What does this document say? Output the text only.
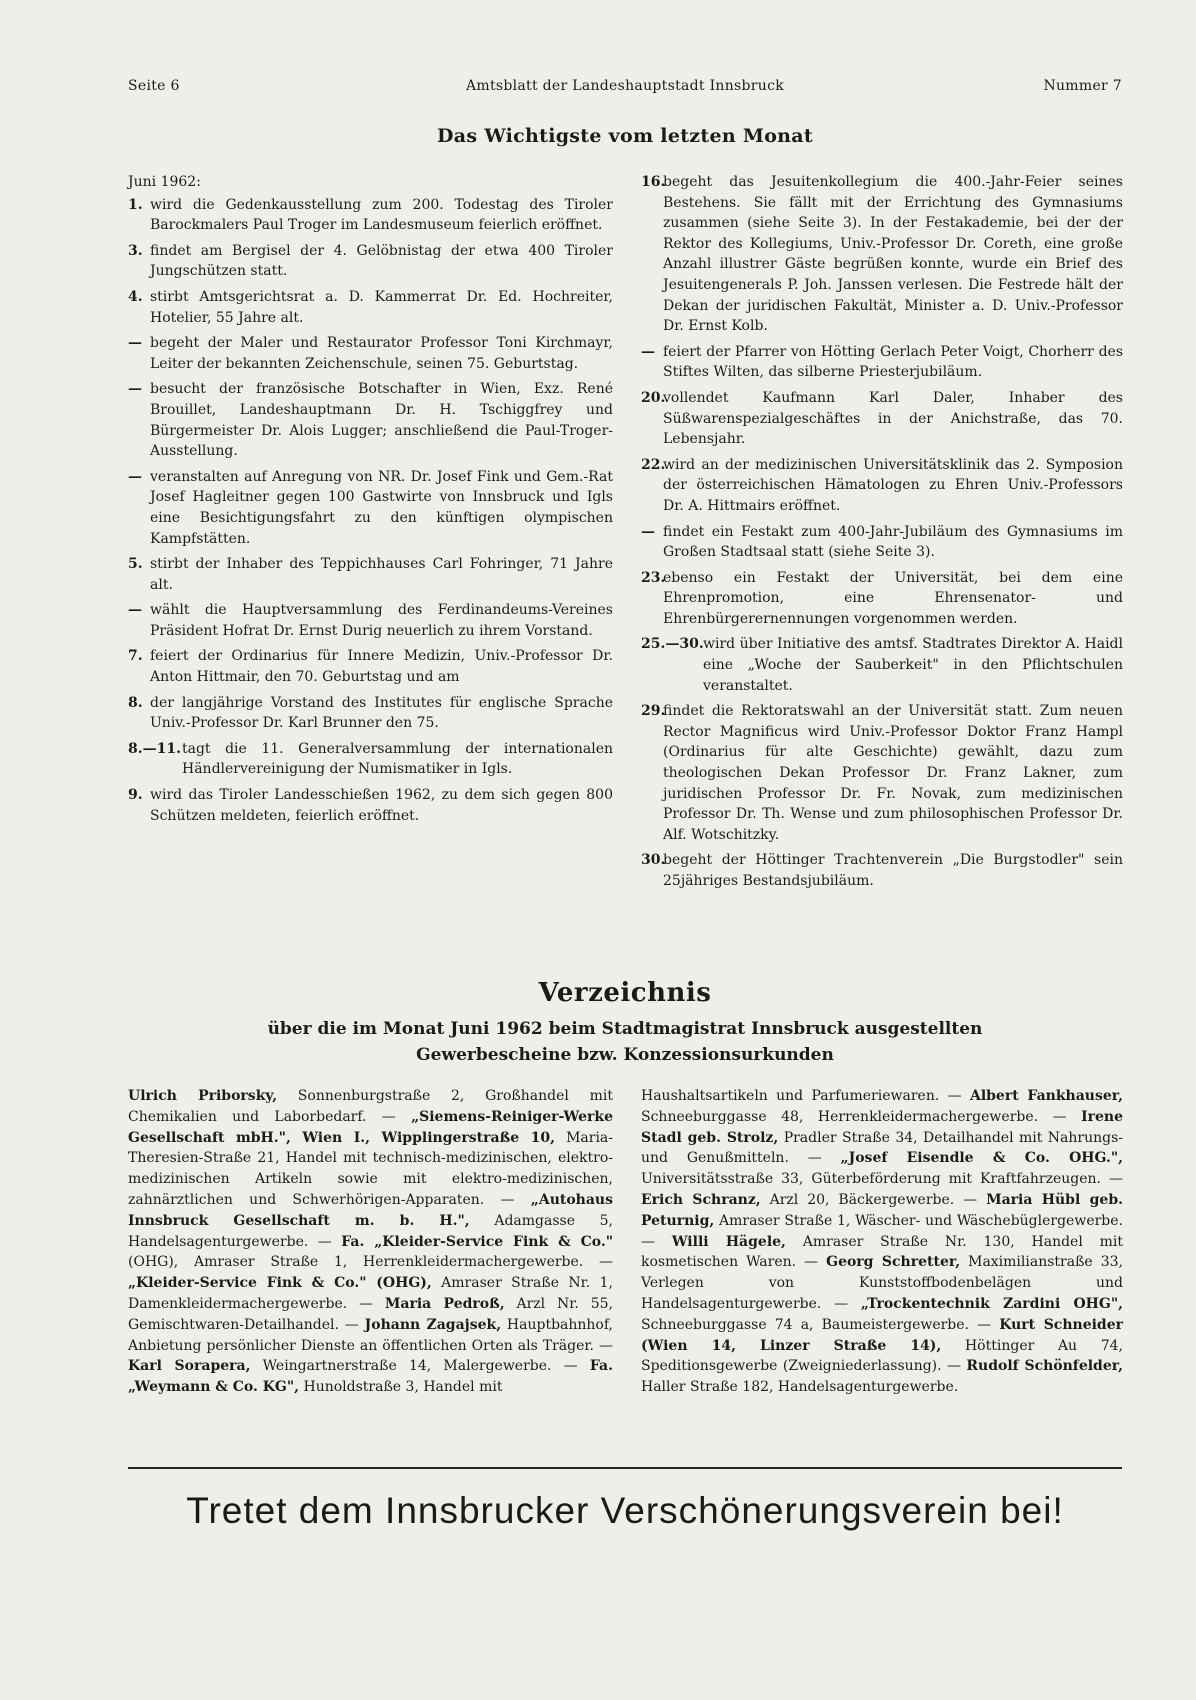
Seite 6	Amtsblatt der Landeshauptstadt Innsbruck	Nummer 7
Das Wichtigste vom letzten Monat
Juni 1962:
1. wird die Gedenkausstellung zum 200. Todestag des Tiroler Barockmalers Paul Troger im Landesmuseum feierlich eröffnet.
3. findet am Bergisel der 4. Gelöbnistag der etwa 400 Tiroler Jungschützen statt.
4. stirbt Amtsgerichtsrat a. D. Kammerrat Dr. Ed. Hochreiter, Hotelier, 55 Jahre alt.
— begeht der Maler und Restaurator Professor Toni Kirchmayr, Leiter der bekannten Zeichenschule, seinen 75. Geburtstag.
— besucht der französische Botschafter in Wien, Exz. René Brouillet, Landeshauptmann Dr. H. Tschiggfrey und Bürgermeister Dr. Alois Lugger; anschließend die Paul-Troger-Ausstellung.
— veranstalten auf Anregung von NR. Dr. Josef Fink und Gem.-Rat Josef Hagleitner gegen 100 Gastwirte von Innsbruck und Igls eine Besichtigungsfahrt zu den künftigen olympischen Kampfstätten.
5. stirbt der Inhaber des Teppichhauses Carl Fohringer, 71 Jahre alt.
— wählt die Hauptversammlung des Ferdinandeums-Vereines Präsident Hofrat Dr. Ernst Durig neuerlich zu ihrem Vorstand.
7. feiert der Ordinarius für Innere Medizin, Univ.-Professor Dr. Anton Hittmair, den 70. Geburtstag und am
8. der langjährige Vorstand des Institutes für englische Sprache Univ.-Professor Dr. Karl Brunner den 75.
8.—11. tagt die 11. Generalversammlung der internationalen Händlervereinigung der Numismatiker in Igls.
9. wird das Tiroler Landesschießen 1962, zu dem sich gegen 800 Schützen meldeten, feierlich eröffnet.
16.
begeht das Jesuitenkollegium die 400.-Jahr-Feier seines Bestehens. Sie fällt mit der Errichtung des Gymnasiums zusammen (siehe Seite 3). In der Festakademie, bei der der Rektor des Kollegiums, Univ.-Professor Dr. Coreth, eine große Anzahl illustrer Gäste begrüßen konnte, wurde ein Brief des Jesuitengenerals P. Joh. Janssen verlesen. Die Festrede hält der Dekan der juridischen Fakultät, Minister a. D. Univ.-Professor Dr. Ernst Kolb.
— feiert der Pfarrer von Hötting Gerlach Peter Voigt, Chorherr des Stiftes Wilten, das silberne Priesterjubiläum.
20.
vollendet Kaufmann Karl Daler, Inhaber des Süßwarenspezialgeschäftes in der Anichstraße, das 70. Lebensjahr.
22.
wird an der medizinischen Universitätsklinik das 2. Symposion der österreichischen Hämatologen zu Ehren Univ.-Professors Dr. A. Hittmairs eröffnet.
— findet ein Festakt zum 400-Jahr-Jubiläum des Gymnasiums im Großen Stadtsaal statt (siehe Seite 3).
23.
ebenso ein Festakt der Universität, bei dem eine Ehrenpromotion, eine Ehrensenator- und Ehrenbürgerernennungen vorgenommen werden.
25.—30. wird über Initiative des amtsf. Stadtrates Direktor A. Haidl eine „Woche der Sauberkeit" in den Pflichtschulen veranstaltet.
29.
findet die Rektoratswahl an der Universität statt. Zum neuen Rector Magnificus wird Univ.-Professor Doktor Franz Hampl (Ordinarius für alte Geschichte) gewählt, dazu zum theologischen Dekan Professor Dr. Franz Lakner, zum juridischen Professor Dr. Fr. Novak, zum medizinischen Professor Dr. Th. Wense und zum philosophischen Professor Dr. Alf. Wotschitzky.
30.
begeht der Höttinger Trachtenverein „Die Burgstodler" sein 25jähriges Bestandsjubiläum.
Verzeichnis
über die im Monat Juni 1962 beim Stadtmagistrat Innsbruck ausgestellten
Gewerbescheine bzw. Konzessionsurkunden
Ulrich Priborsky, Sonnenburgstraße 2, Großhandel mit Chemikalien und Laborbedarf. — „Siemens-Reiniger-Werke Gesellschaft mbH.", Wien I., Wipplingerstraße 10, Maria-Theresien-Straße 21, Handel mit technisch-medizinischen, elektro-medizinischen Artikeln sowie mit elektro-medizinischen, zahnärztlichen und Schwerhörigen-Apparaten. — „Autohaus Innsbruck Gesellschaft m. b. H.", Adamgasse 5, Handelsagenturgewerbe. — Fa. „Kleider-Service Fink & Co." (OHG), Amraser Straße 1, Herrenkleidermachergewerbe. — „Kleider-Service Fink & Co." (OHG), Amraser Straße Nr. 1, Damenkleidermachergewerbe. — Maria Pedroß, Arzl Nr. 55, Gemischtwaren-Detailhandel. — Johann Zagajsek, Hauptbahnhof, Anbietung persönlicher Dienste an öffentlichen Orten als Träger. — Karl Sorapera, Weingartnerstraße 14, Malergewerbe. — Fa. „Weymann & Co. KG", Hunoldstraße 3, Handel mit
Haushaltsartikeln und Parfumeriewaren. — Albert Fankhauser, Schneeburggasse 48, Herrenkleidermachergewerbe. — Irene Stadl geb. Strolz, Pradler Straße 34, Detailhandel mit Nahrungs- und Genußmitteln. — „Josef Eisendle & Co. OHG.", Universitätsstraße 33, Güterbeförderung mit Kraftfahrzeugen. — Erich Schranz, Arzl 20, Bäckergewerbe. — Maria Hübl geb. Peturnig, Amraser Straße 1, Wäscher- und Wäschebüglergewerbe. — Willi Hägele, Amraser Straße Nr. 130, Handel mit kosmetischen Waren. — Georg Schretter, Maximilianstraße 33, Verlegen von Kunststoffbodenbelägen und Handelsagenturgewerbe. — „Trockentechnik Zardini OHG", Schneeburggasse 74 a, Baumeistergewerbe. — Kurt Schneider (Wien 14, Linzer Straße 14), Höttinger Au 74, Speditionsgewerbe (Zweigniederlassung). — Rudolf Schönfelder, Haller Straße 182, Handelsagenturgewerbe.
Tretet dem Innsbrucker Verschönerungsverein bei!
